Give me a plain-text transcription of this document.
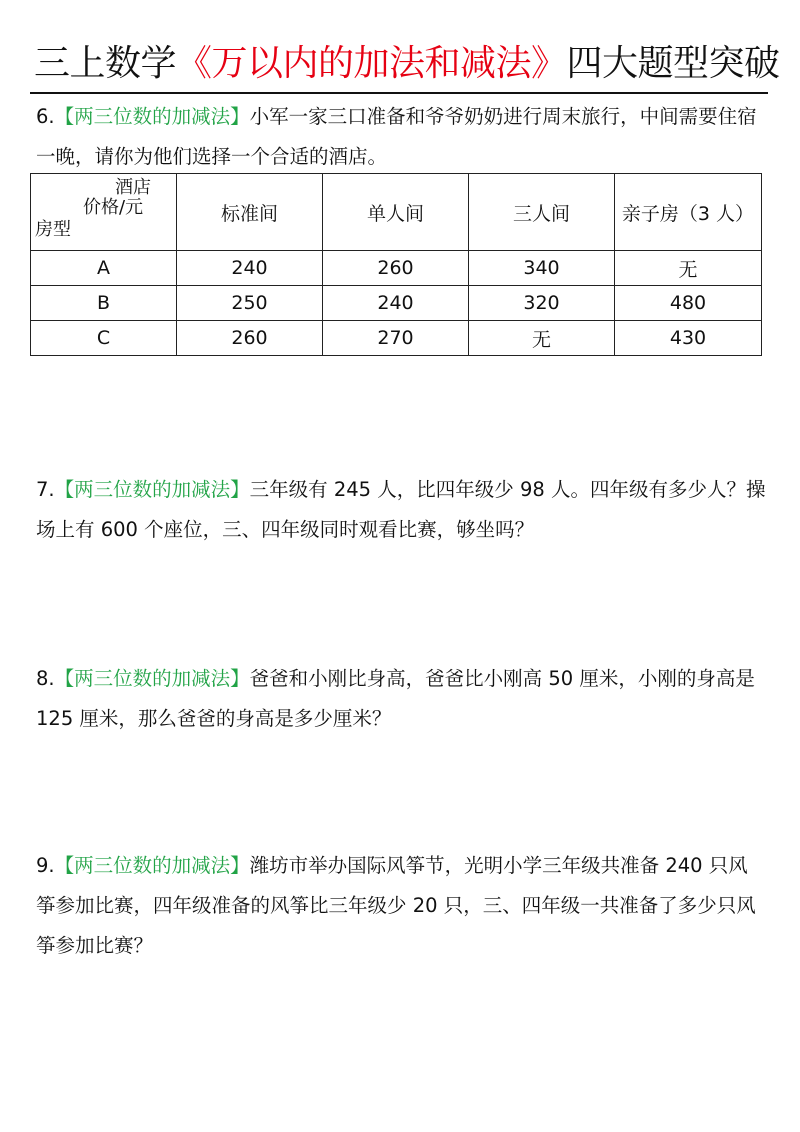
三上数学《万以内的加法和减法》四大题型突破
6.【两三位数的加减法】小军一家三口准备和爷爷奶奶进行周末旅行，中间需要住宿一晚，请你为他们选择一个合适的酒店。
酒店
价格/元
房型	标准间	单人间	三人间	亲子房（3 人）
A	240	260	340	无
B	250	240	320	480
C	260	270	无	430
7.【两三位数的加减法】三年级有 245 人，比四年级少 98 人。四年级有多少人？操场上有 600 个座位，三、四年级同时观看比赛，够坐吗？
8.【两三位数的加减法】爸爸和小刚比身高，爸爸比小刚高 50 厘米，小刚的身高是 125 厘米，那么爸爸的身高是多少厘米？
9.【两三位数的加减法】潍坊市举办国际风筝节，光明小学三年级共准备 240 只风筝参加比赛，四年级准备的风筝比三年级少 20 只，三、四年级一共准备了多少只风筝参加比赛？
